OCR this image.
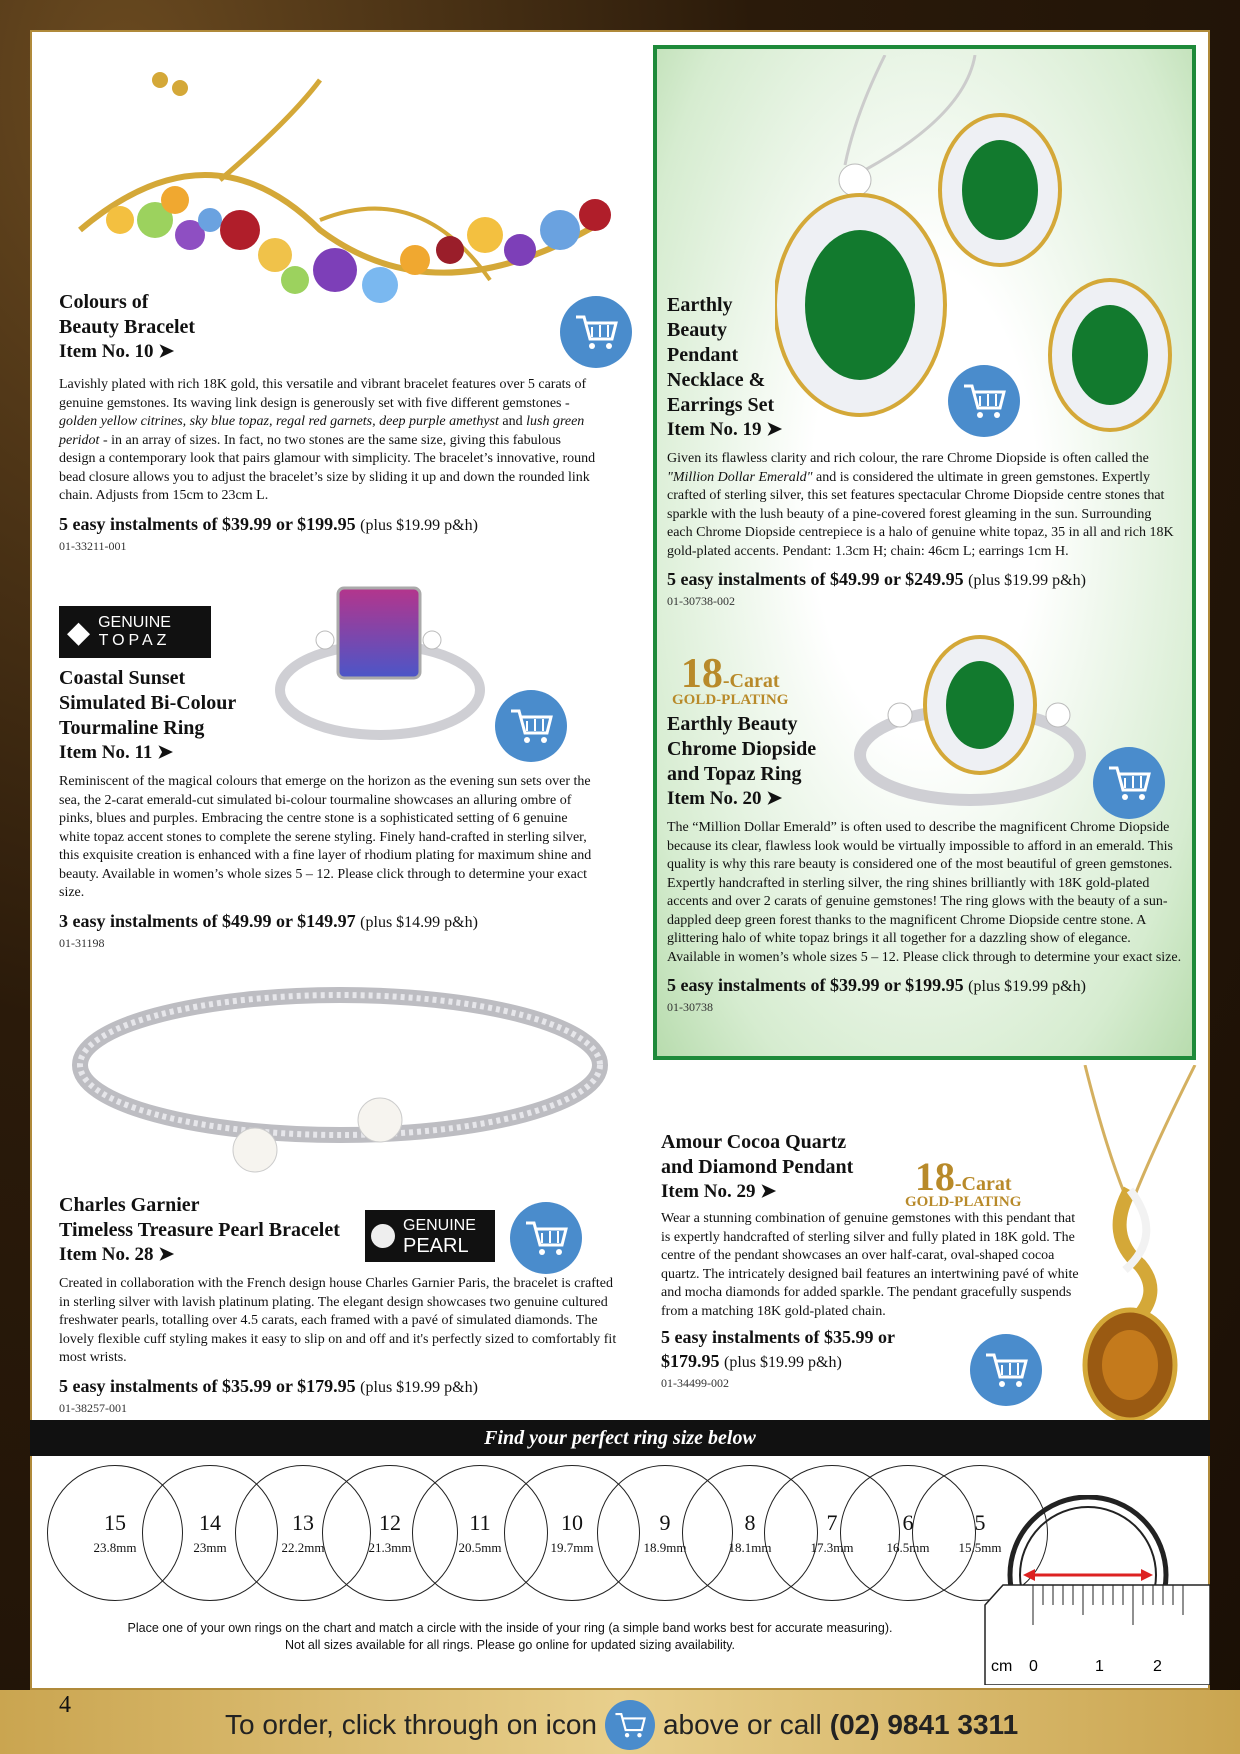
Colours of

Beauty Bracelet

Item No. 10 ➤

Lavishly plated with rich 18K gold, this versatile and vibrant bracelet features over 5 carats of genuine gemstones. Its waving link design is generously set with five different gemstones - golden yellow citrines, sky blue topaz, regal red garnets, deep purple amethyst and lush green peridot - in an array of sizes. In fact, no two stones are the same size, giving this fabulous design a contemporary look that pairs glamour with simplicity. The bracelet’s innovative, round bead closure allows you to adjust the bracelet’s size by sliding it up and down the rounded link chain. Adjusts from 15cm to 23cm L.

5 easy instalments of $39.99 or $199.95 (plus $19.99 p&h)
01-33211-001
◆ GENUINE
TOPAZ

Coastal Sunset

Simulated Bi-Colour

Tourmaline Ring

Item No. 11 ➤

Reminiscent of the magical colours that emerge on the horizon as the evening sun sets over the sea, the 2-carat emerald-cut simulated bi-colour tourmaline showcases an alluring ombre of pinks, blues and purples. Embracing the centre stone is a sophisticated setting of 6 genuine white topaz accent stones to complete the serene styling. Finely hand-crafted in sterling silver, this exquisite creation is enhanced with a fine layer of rhodium plating for maximum shine and beauty. Available in women’s whole sizes 5 – 12. Please click through to determine your exact size.

3 easy instalments of $49.99 or $149.97 (plus $14.99 p&h)
01-31198

Charles Garnier

Timeless Treasure Pearl Bracelet

Item No. 28 ➤

Created in collaboration with the French design house Charles Garnier Paris, the bracelet is crafted in sterling silver with lavish platinum plating. The elegant design showcases two genuine cultured freshwater pearls, totalling over 4.5 carats, each framed with a pavé of simulated diamonds. The lovely flexible cuff styling makes it easy to slip on and off and it's perfectly sized to comfortably fit most wrists.

5 easy instalments of $35.99 or $179.95 (plus $19.99 p&h)
01-38257-001
GENUINE
PEARL

Earthly

Beauty

Pendant

Necklace &

Earrings Set

Item No. 19 ➤

Given its flawless clarity and rich colour, the rare Chrome Diopside is often called the "Million Dollar Emerald" and is considered the ultimate in green gemstones. Expertly crafted of sterling silver, this set features spectacular Chrome Diopside centre stones that sparkle with the lush beauty of a pine-covered forest gleaming in the sun. Surrounding each Chrome Diopside centrepiece is a halo of genuine white topaz, 35 in all and rich 18K gold-plated accents. Pendant: 1.3cm H; chain: 46cm L; earrings 1cm H.

5 easy instalments of $49.99 or $249.95 (plus $19.99 p&h)
01-30738-002
18-Carat
GOLD-PLATING

Earthly Beauty

Chrome Diopside

and Topaz Ring

Item No. 20 ➤

The “Million Dollar Emerald” is often used to describe the magnificent Chrome Diopside because its clear, flawless look would be virtually impossible to afford in an emerald. This quality is why this rare beauty is considered one of the most beautiful of green gemstones. Expertly handcrafted in sterling silver, the ring shines brilliantly with 18K gold-plated accents and over 2 carats of genuine gemstones! The ring glows with the beauty of a sun-dappled deep green forest thanks to the magnificent Chrome Diopside centre stone. A glittering halo of white topaz brings it all together for a dazzling show of elegance. Available in women’s whole sizes 5 – 12. Please click through to determine your exact size.

5 easy instalments of $39.99 or $199.95 (plus $19.99 p&h)
01-30738

Amour Cocoa Quartz

and Diamond Pendant

Item No. 29 ➤

Wear a stunning combination of genuine gemstones with this pendant that is expertly handcrafted of sterling silver and fully plated in 18K gold. The centre of the pendant showcases an over half-carat, oval-shaped cocoa quartz. The intricately designed bail features an intertwining pavé of white and mocha diamonds for added sparkle. The pendant gracefully suspends from a matching 18K gold-plated chain.

5 easy instalments of $35.99 or
$179.95 (plus $19.99 p&h)
01-34499-002
18-Carat
GOLD-PLATING
Find your perfect ring size below
15
23.8mm
14
23mm
13
22.2mm
12
21.3mm
11
20.5mm
10
19.7mm
9
18.9mm
8
18.1mm
7
17.3mm
6
16.5mm
5
15.5mm
Place one of your own rings on the chart and match a circle with the inside of your ring (a simple band works best for accurate measuring).
Not all sizes available for all rings. Please go online for updated sizing availability.
cm 0	1	2
4
To order, click through on icon above or call (02) 9841 3311
